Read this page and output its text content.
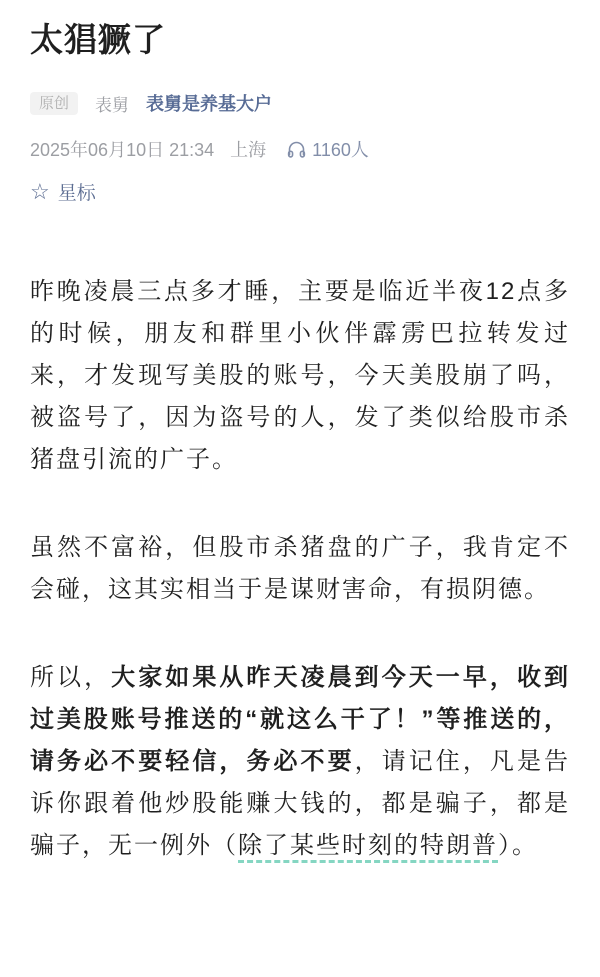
太猖獗了
原创	表舅 表舅是养基大户
2025年06月10日 21:34 上海	1160人
☆ 星标

昨晚凌晨三点多才睡，主要是临近半夜12点多的时候，朋友和群里小伙伴霹雳巴拉转发过来，才发现写美股的账号，今天美股崩了吗，被盗号了，因为盗号的人，发了类似给股市杀猪盘引流的广子。

虽然不富裕，但股市杀猪盘的广子，我肯定不会碰，这其实相当于是谋财害命，有损阴德。

所以，大家如果从昨天凌晨到今天一早，收到过美股账号推送的“就这么干了！”等推送的，请务必不要轻信，务必不要，请记住，凡是告诉你跟着他炒股能赚大钱的，都是骗子，都是骗子，无一例外（除了某些时刻的特朗普）。
